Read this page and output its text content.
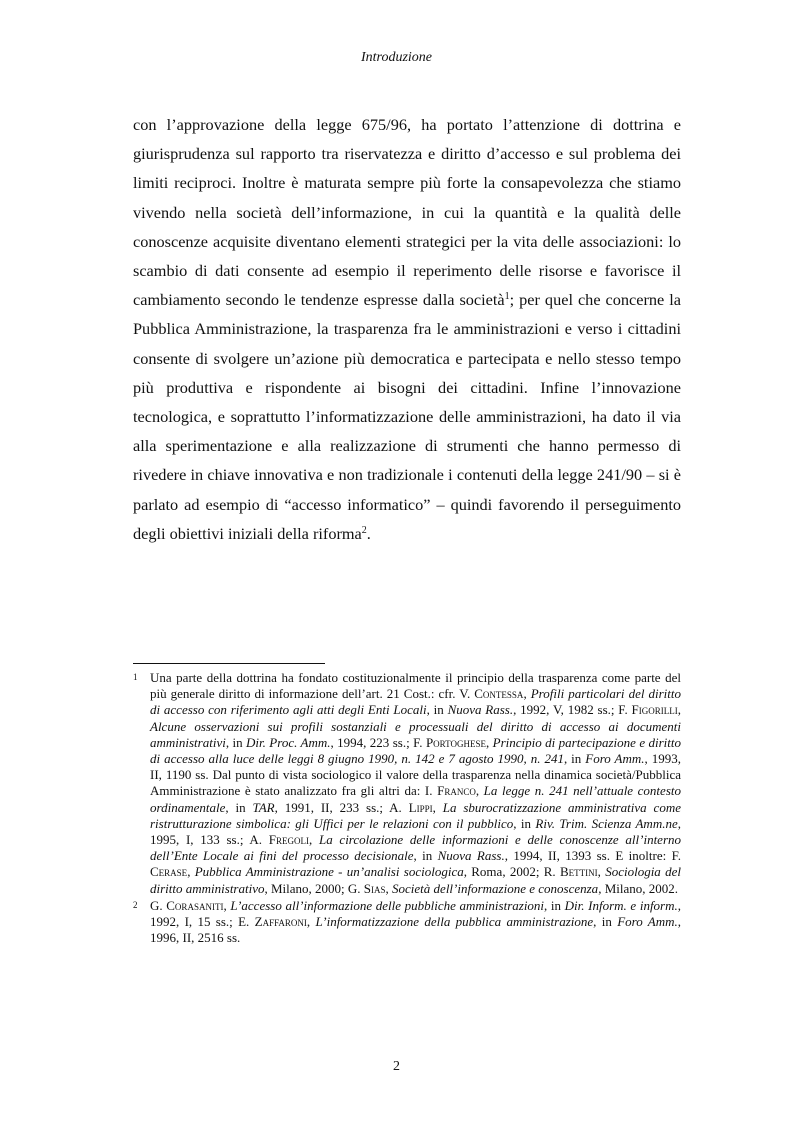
Introduzione

con l’approvazione della legge 675/96, ha portato l’attenzione di dottrina e giurisprudenza sul rapporto tra riservatezza e diritto d’accesso e sul problema dei limiti reciproci. Inoltre è maturata sempre più forte la consapevolezza che stiamo vivendo nella società dell’informazione, in cui la quantità e la qualità delle conoscenze acquisite diventano elementi strategici per la vita delle associazioni: lo scambio di dati consente ad esempio il reperimento delle risorse e favorisce il cambiamento secondo le tendenze espresse dalla società$^1$; per quel che concerne la Pubblica Amministrazione, la trasparenza fra le amministrazioni e verso i cittadini consente di svolgere un’azione più democratica e partecipata e nello stesso tempo più produttiva e rispondente ai bisogni dei cittadini. Infine l’innovazione tecnologica, e soprattutto l’informatizzazione delle amministrazioni, ha dato il via alla sperimentazione e alla realizzazione di strumenti che hanno permesso di rivedere in chiave innovativa e non tradizionale i contenuti della legge 241/90 – si è parlato ad esempio di “accesso informatico” – quindi favorendo il perseguimento degli obiettivi iniziali della riforma$^2$.

1 Una parte della dottrina ha fondato costituzionalmente il principio della trasparenza come parte del più generale diritto di informazione dell’art. 21 Cost.: cfr. V. Contessa, Profili particolari del diritto di accesso con riferimento agli atti degli Enti Locali, in Nuova Rass., 1992, V, 1982 ss.; F. Figorilli, Alcune osservazioni sui profili sostanziali e processuali del diritto di accesso ai documenti amministrativi, in Dir. Proc. Amm., 1994, 223 ss.; F. Portoghese, Principio di partecipazione e diritto di accesso alla luce delle leggi 8 giugno 1990, n. 142 e 7 agosto 1990, n. 241, in Foro Amm., 1993, II, 1190 ss. Dal punto di vista sociologico il valore della trasparenza nella dinamica società/Pubblica Amministrazione è stato analizzato fra gli altri da: I. Franco, La legge n. 241 nell’attuale contesto ordinamentale, in TAR, 1991, II, 233 ss.; A. Lippi, La sburocratizzazione amministrativa come ristrutturazione simbolica: gli Uffici per le relazioni con il pubblico, in Riv. Trim. Scienza Amm.ne, 1995, I, 133 ss.; A. Fregoli, La circolazione delle informazioni e delle conoscenze all’interno dell’Ente Locale ai fini del processo decisionale, in Nuova Rass., 1994, II, 1393 ss. E inoltre: F. Cerase, Pubblica Amministrazione - un’analisi sociologica, Roma, 2002; R. Bettini, Sociologia del diritto amministrativo, Milano, 2000; G. Sias, Società dell’informazione e conoscenza, Milano, 2002.
2 G. Corasaniti, L’accesso all’informazione delle pubbliche amministrazioni, in Dir. Inform. e inform., 1992, I, 15 ss.; E. Zaffaroni, L’informatizzazione della pubblica amministrazione, in Foro Amm., 1996, II, 2516 ss.
2
